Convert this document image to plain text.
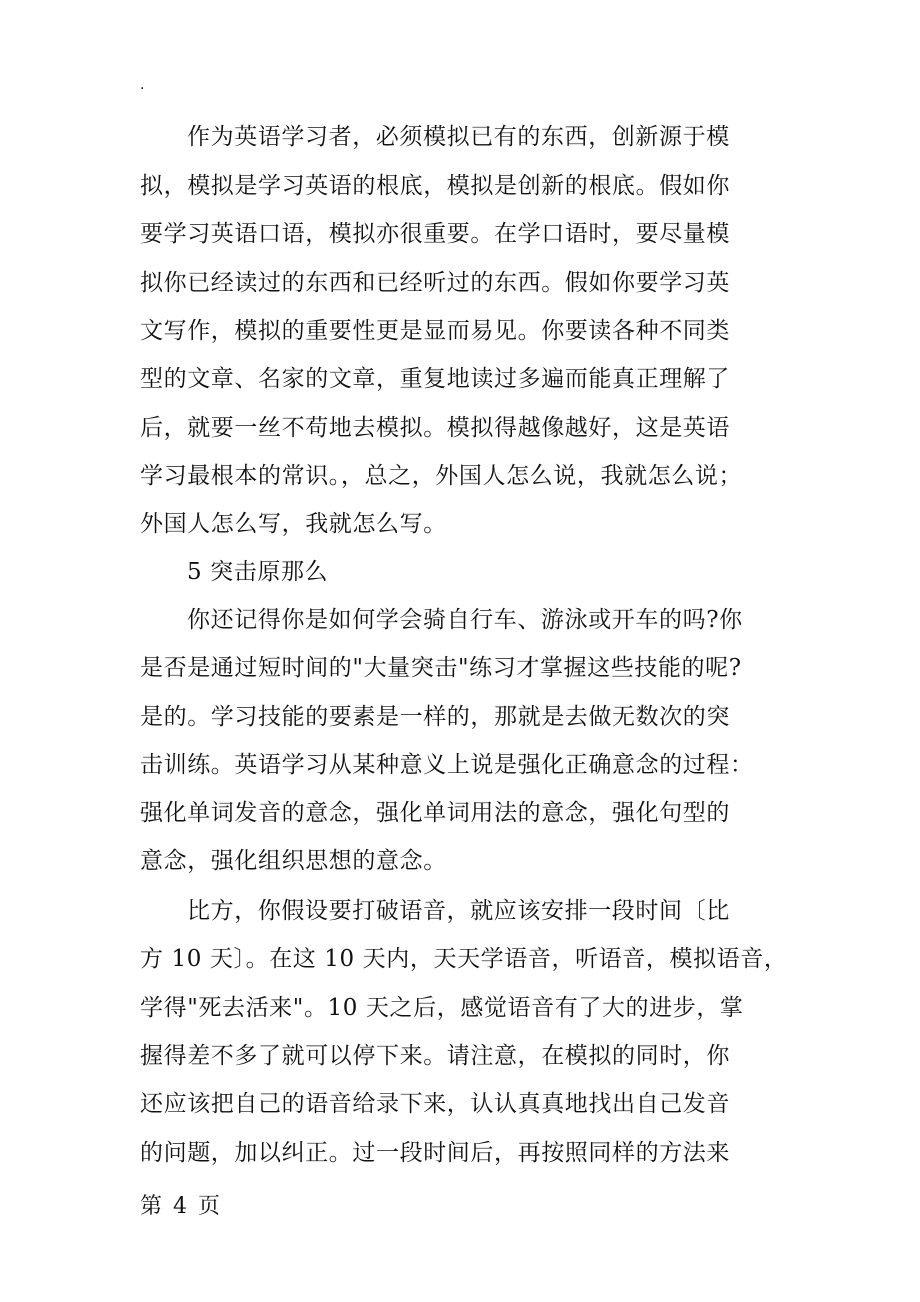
.
作为英语学习者，必须模拟已有的东西，创新源于模
拟，模拟是学习英语的根底，模拟是创新的根底。假如你
要学习英语口语，模拟亦很重要。在学口语时，要尽量模
拟你已经读过的东西和已经听过的东西。假如你要学习英
文写作，模拟的重要性更是显而易见。你要读各种不同类
型的文章、名家的文章，重复地读过多遍而能真正理解了
后，就要一丝不苟地去模拟。模拟得越像越好，这是英语
学习最根本的常识。，总之，外国人怎么说，我就怎么说；
外国人怎么写，我就怎么写。
5 突击原那么
你还记得你是如何学会骑自行车、游泳或开车的吗?你
是否是通过短时间的"大量突击"练习才掌握这些技能的呢?
是的。学习技能的要素是一样的，那就是去做无数次的突
击训练。英语学习从某种意义上说是强化正确意念的过程：
强化单词发音的意念，强化单词用法的意念，强化句型的
意念，强化组织思想的意念。
比方，你假设要打破语音，就应该安排一段时间〔比
方 10 天〕。在这 10 天内，天天学语音，听语音，模拟语音，
学得"死去活来"。10 天之后，感觉语音有了大的进步，掌
握得差不多了就可以停下来。请注意，在模拟的同时，你
还应该把自己的语音给录下来，认认真真地找出自己发音
的问题，加以纠正。过一段时间后，再按照同样的方法来
第 4 页
